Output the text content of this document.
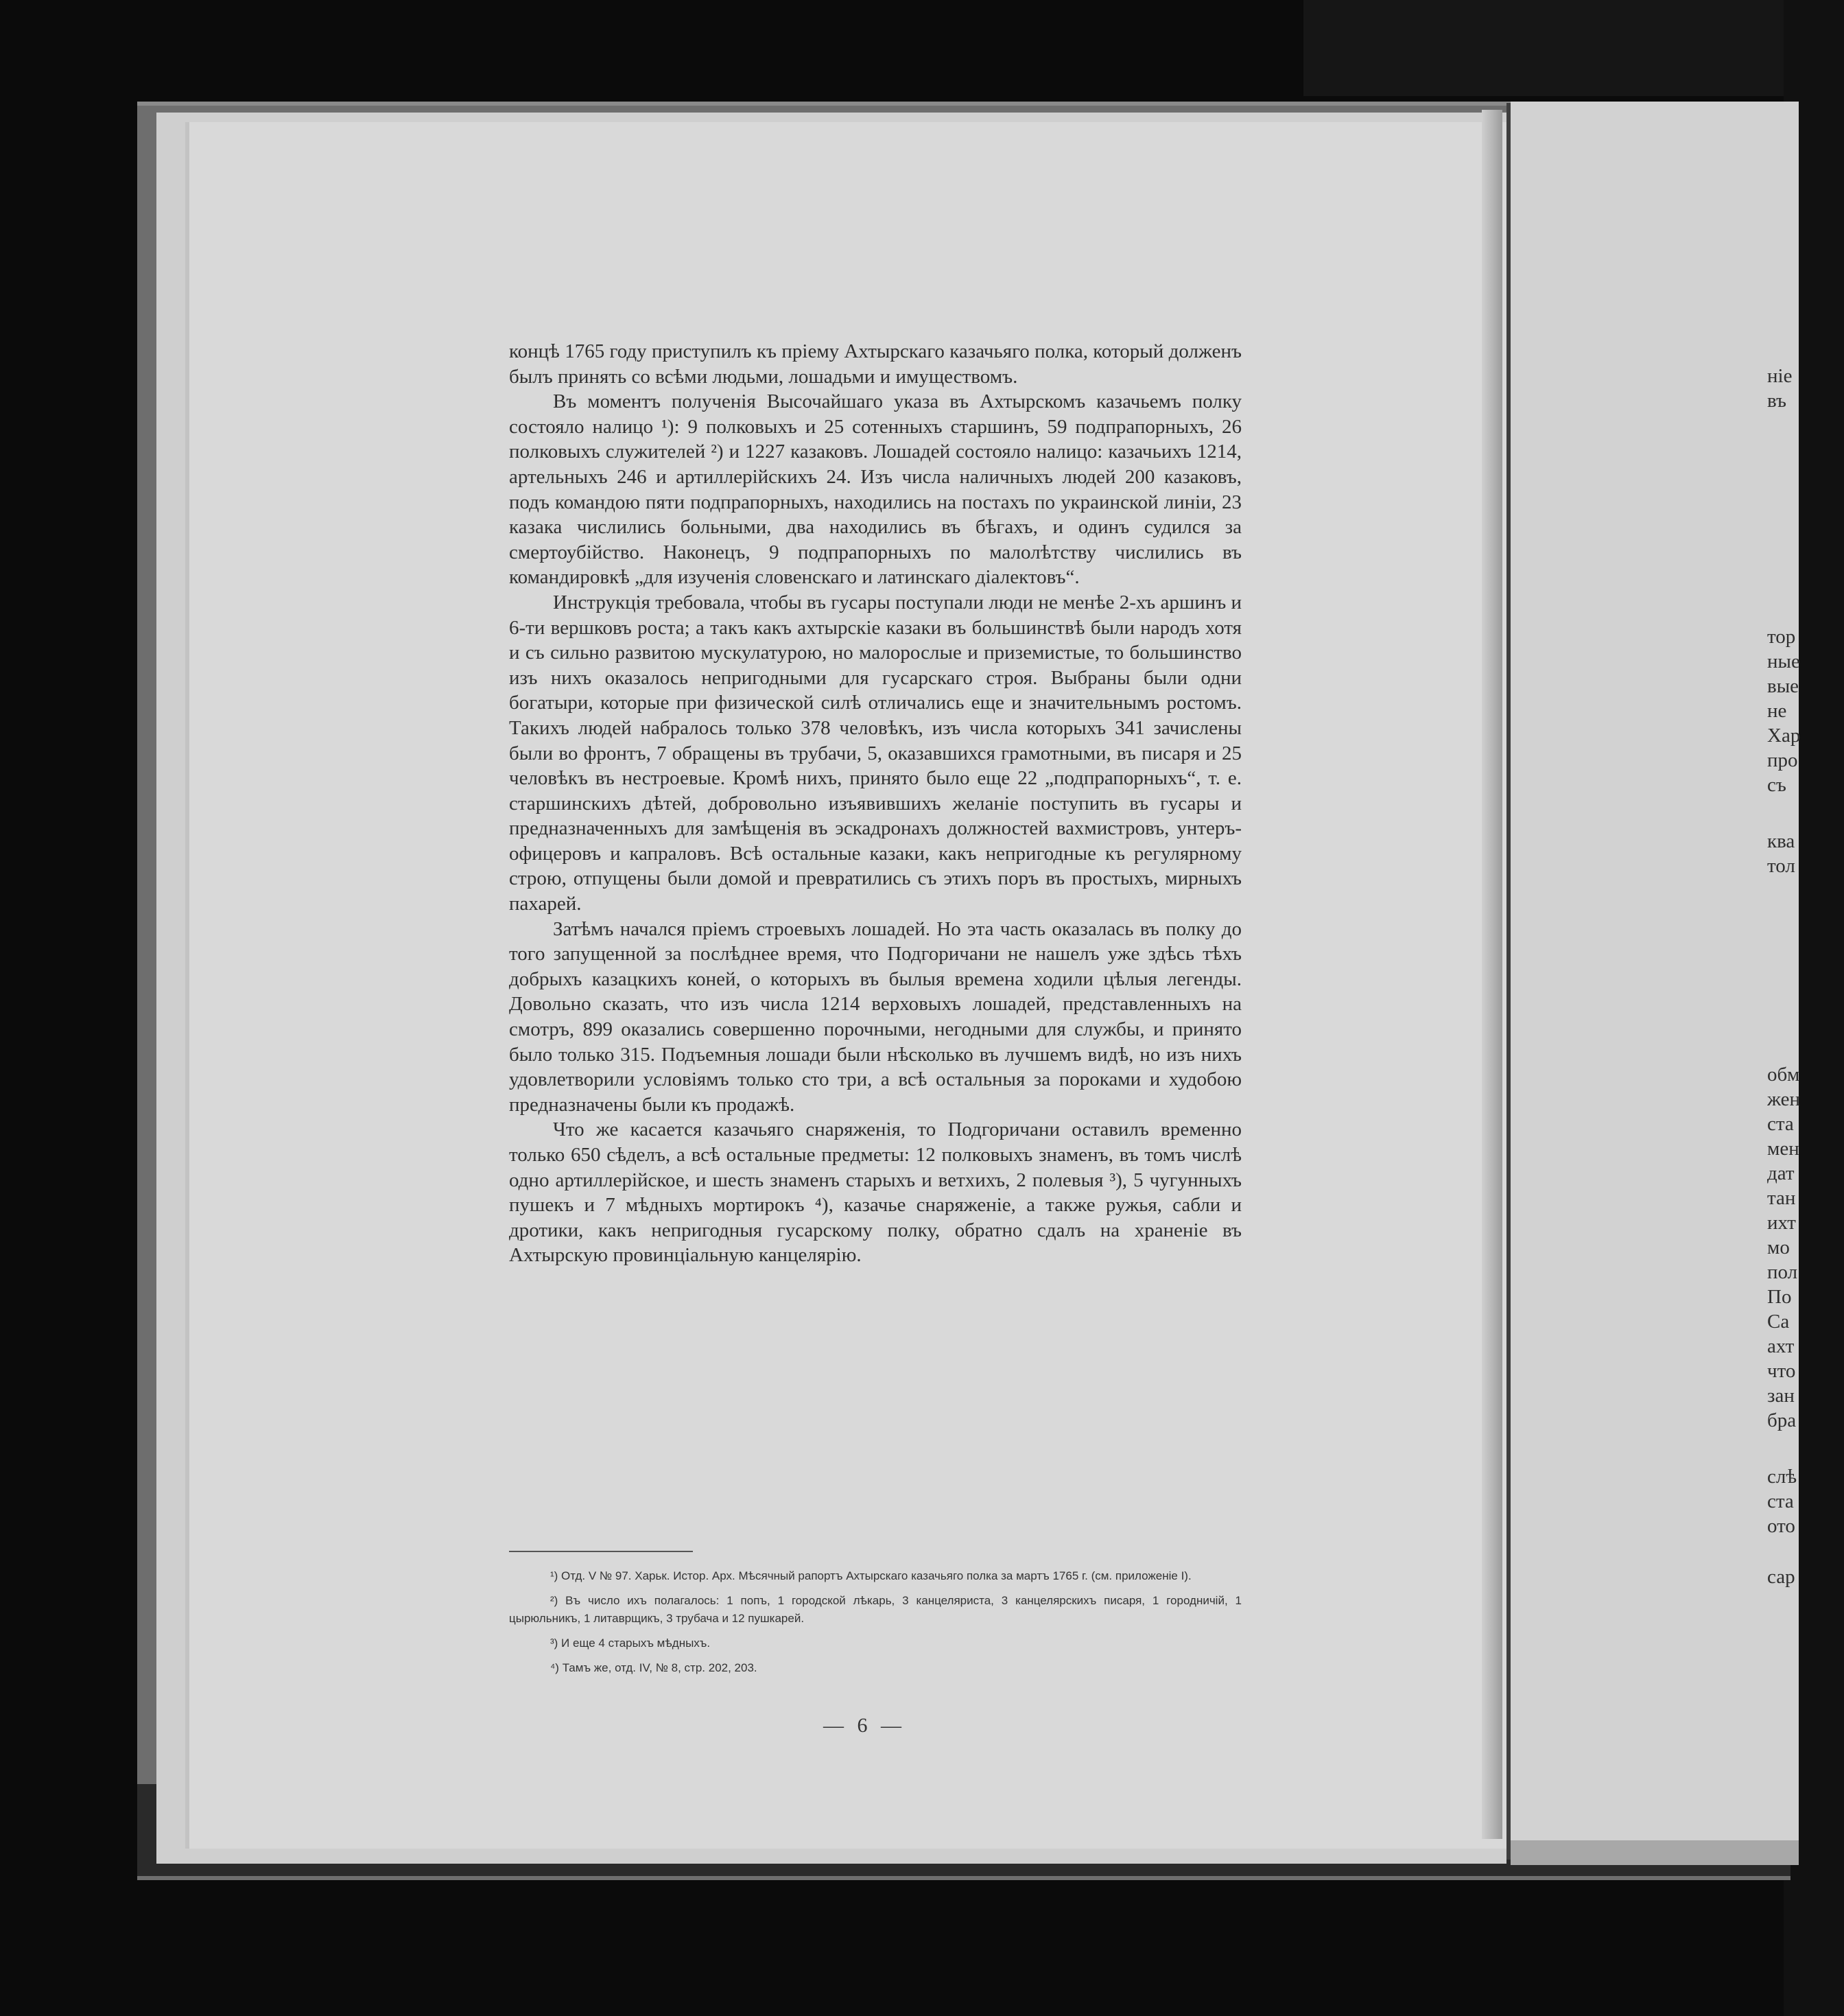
концѣ 1765 году приступилъ къ пріему Ахтырскаго казачьяго полка, который долженъ былъ принять со всѣми людьми, лошадьми и имуществомъ.

Въ моментъ полученія Высочайшаго указа въ Ахтырскомъ казачьемъ полку состояло налицо ¹): 9 полковыхъ и 25 сотенныхъ старшинъ, 59 подпрапорныхъ, 26 полковыхъ служителей ²) и 1227 казаковъ. Лошадей состояло налицо: казачьихъ 1214, артельныхъ 246 и артиллерійскихъ 24. Изъ числа наличныхъ людей 200 казаковъ, подъ командою пяти подпрапорныхъ, находились на постахъ по украинской линіи, 23 казака числились больными, два находились въ бѣгахъ, и одинъ судился за смертоубійство. Наконецъ, 9 подпрапорныхъ по малолѣтству числились въ командировкѣ „для изученія словенскаго и латинскаго діалектовъ“.

Инструкція требовала, чтобы въ гусары поступали люди не менѣе 2-хъ аршинъ и 6-ти вершковъ роста; а такъ какъ ахтырскіе казаки въ большинствѣ были народъ хотя и съ сильно развитою мускулатурою, но малорослые и приземистые, то большинство изъ нихъ оказалось непригодными для гусарскаго строя. Выбраны были одни богатыри, которые при физической силѣ отличались еще и значительнымъ ростомъ. Такихъ людей набралось только 378 человѣкъ, изъ числа которыхъ 341 зачислены были во фронтъ, 7 обращены въ трубачи, 5, оказавшихся грамотными, въ писаря и 25 человѣкъ въ нестроевые. Кромѣ нихъ, принято было еще 22 „подпрапорныхъ“, т. е. старшинскихъ дѣтей, добровольно изъявившихъ желаніе поступить въ гусары и предназначенныхъ для замѣщенія въ эскадронахъ должностей вахмистровъ, унтеръ-офицеровъ и капраловъ. Всѣ остальные казаки, какъ непригодные къ регулярному строю, отпущены были домой и превратились съ этихъ поръ въ простыхъ, мирныхъ пахарей.

Затѣмъ начался пріемъ строевыхъ лошадей. Но эта часть оказалась въ полку до того запущенной за послѣднее время, что Подгоричани не нашелъ уже здѣсь тѣхъ добрыхъ казацкихъ коней, о которыхъ въ былыя времена ходили цѣлыя легенды. Довольно сказать, что изъ числа 1214 верховыхъ лошадей, представленныхъ на смотръ, 899 оказались совершенно порочными, негодными для службы, и принято было только 315. Подъемныя лошади были нѣсколько въ лучшемъ видѣ, но изъ нихъ удовлетворили условіямъ только сто три, а всѣ остальныя за пороками и худобою предназначены были къ продажѣ.

Что же касается казачьяго снаряженія, то Подгоричани оставилъ временно только 650 сѣделъ, а всѣ остальные предметы: 12 полковыхъ знаменъ, въ томъ числѣ одно артиллерійское, и шесть знаменъ старыхъ и ветхихъ, 2 полевыя ³), 5 чугунныхъ пушекъ и 7 мѣдныхъ мортирокъ ⁴), казачье снаряженіе, а также ружья, сабли и дротики, какъ непригодныя гусарскому полку, обратно сдалъ на храненіе въ Ахтырскую провинціальную канцелярію.

¹) Отд. V № 97. Харьк. Истор. Арх. Мѣсячный рапортъ Ахтырскаго казачьяго полка за мартъ 1765 г. (см. приложеніе I).

²) Въ число ихъ полагалось: 1 попъ, 1 городской лѣкарь, 3 канцеляриста, 3 канцелярскихъ писаря, 1 городничій, 1 цырюльникъ, 1 литаврщикъ, 3 трубача и 12 пушкарей.

³) И еще 4 старыхъ мѣдныхъ.

⁴) Тамъ же, отд. IV, № 8, стр. 202, 203.

— 6 —
ніе
въ
тор
ные
вые
не
Хар
про
съ
ква
тол
обм
жен
ста
мен
дат
тан
ихт
мо
пол
По
Са
ахт
что
зан
бра
слѣ
ста
ото
сар
